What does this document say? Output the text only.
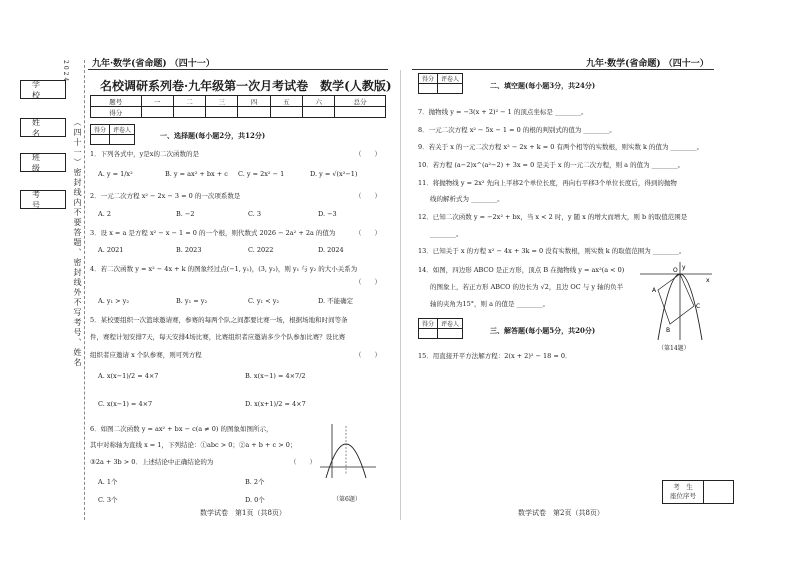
九年·数学(省命题) （四十一）	九年·数学(省命题) （四十一）
学　校
姓　名
班　级
考　号
2024
（四十一）密封线内不要答题、密封线外不写考号、姓名
名校调研系列卷·九年级第一次月考试卷　数学(人教版)
题号	一	二	三	四	五	六	总分
得分							
得分	评卷人

一、选择题(每小题2分，共12分)
1．下列各式中，y是x的二次函数的是	（　　）
A. y = 1/x²	B. y = ax² + bx + c C. y = 2x² − 1	D. y = √(x²−1)
2．一元二次方程 x² − 2x − 3 = 0 的一次项系数是	（　　）
A. 2	B. −2	C. 3	D. −3
3．设 x = a 是方程 x² − x − 1 = 0 的一个根，则代数式 2026 − 2a² + 2a 的值为	（　　）
A. 2021	B. 2023	C. 2022	D. 2024
4．若二次函数 y = x² − 4x + k 的图象经过点(−1, y₁)，(3, y₂)，则 y₁ 与 y₂ 的大小关系为
（　　）
A. y₁ > y₂	B. y₁ = y₂	C. y₁ < y₂	D. 不能确定
5．某校要组织一次篮球邀请赛，参赛的每两个队之间都要比赛一场，根据场地和时间等条
件，赛程计划安排7天，每天安排4场比赛，比赛组织者应邀请多少个队参加比赛？设比赛
组织者应邀请 x 个队参赛，则可列方程	（　　）
A. x(x−1)/2 = 4×7	B. x(x−1) = 4×7/2
C. x(x−1) = 4×7	D. x(x+1)/2 = 4×7
6．如图二次函数 y = ax² + bx − c(a ≠ 0) 的图象如图所示，
其中对称轴为直线 x = 1，下列结论：①abc > 0；②a + b + c > 0；
③2a + 3b > 0．上述结论中正确结论的为	（　　）
A. 1个	B. 2个
C. 3个	D. 0个	（第6题）
数学试卷　第1页（共8页）
得分	评卷人

二、填空题(每小题3分，共24分)
7．抛物线 y = −3(x + 2)² − 1 的顶点坐标是 ________。
8．一元二次方程 x² − 5x − 1 = 0 的根的判别式的值为 ________。
9．若关于 x 的一元二次方程 x² − 2x + k = 0 有两个相等的实数根，则实数 k 的值为 ________。
10．若方程 (a−2)x^(a²−2) + 3x = 0 是关于 x 的一元二次方程，则 a 的值为 ________。
11．将抛物线 y = 2x² 先向上平移2个单位长度，再向右平移3个单位长度后，得到的抛物
线的解析式为 ________。
12．已知二次函数 y = −2x² + bx，当 x < 2 时，y 随 x 的增大而增大，则 b 的取值范围是
________。
13．已知关于 x 的方程 x² − 4x + 3k = 0 没有实数根，则实数 k 的取值范围为 ________。
14．如图，四边形 ABCO 是正方形，顶点 B 在抛物线 y = ax²(a < 0)
的图象上，若正方形 ABCO 的边长为 √2，且边 OC 与 y 轴的负半
轴的夹角为15°，则 a 的值是 ________。
A
B
C
O y
x
（第14题）
得分	评卷人

三、解答题(每小题5分，共20分)
15．用直接开平方法解方程：2(x + 2)² − 18 = 0．
考　生
座位序号
数学试卷　第2页（共8页）
